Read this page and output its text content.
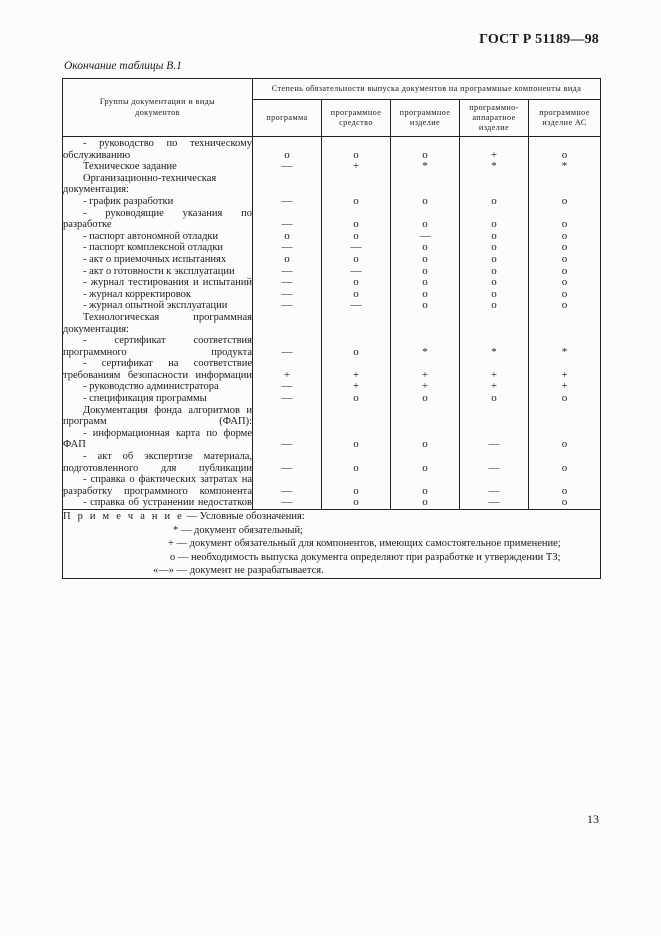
ГОСТ Р 51189—98
Окончание таблицы В.1
Группы документации и виды документов	Степень обязательности выпуска документов на программные компоненты вида				
	программа	программное средство	программное изделие	программно-аппаратное изделие	программное изделие АС
- руководство по техническому обслуживанию	о	о	о	+	о
Техническое задание	—	+	*	*	*
Организационно-техническая документация:					
- график разработки	—	о	о	о	о
- руководящие указания по разработке	—	о	о	о	о
- паспорт автономной отладки	о	о	—	о	о
- паспорт комплексной отладки	—	—	о	о	о
- акт о приемочных испытаниях	о	о	о	о	о
- акт о готовности к эксплуатации	—	—	о	о	о
- журнал тестирования и испытаний	—	о	о	о	о
- журнал корректировок	—	о	о	о	о
- журнал опытной эксплуатации	—	—	о	о	о
Технологическая программная документация:					
- сертификат соответствия программного продукта	—	о	*	*	*
- сертификат на соответствие требованиям безопасности информации	+	+	+	+	+
- руководство администратора	—	+	+	+	+
- спецификация программы	—	о	о	о	о
Документация фонда алгоритмов и программ (ФАП):					
- информационная карта по форме ФАП	—	о	о	—	о
- акт об экспертизе материала, подготовленного для публикации	—	о	о	—	о
- справка о фактических затратах на разработку программного компонента	—	о	о	—	о
- справка об устранении недостатков	—	о	о	—	о

П р и м е ч а н и е — Условные обозначения:
* — документ обязательный;
+ — документ обязательный для компонентов, имеющих самостоятельное применение;
о — необходимость выпуска документа определяют при разработке и утверждении ТЗ;
«—» — документ не разрабатывается.					
13
